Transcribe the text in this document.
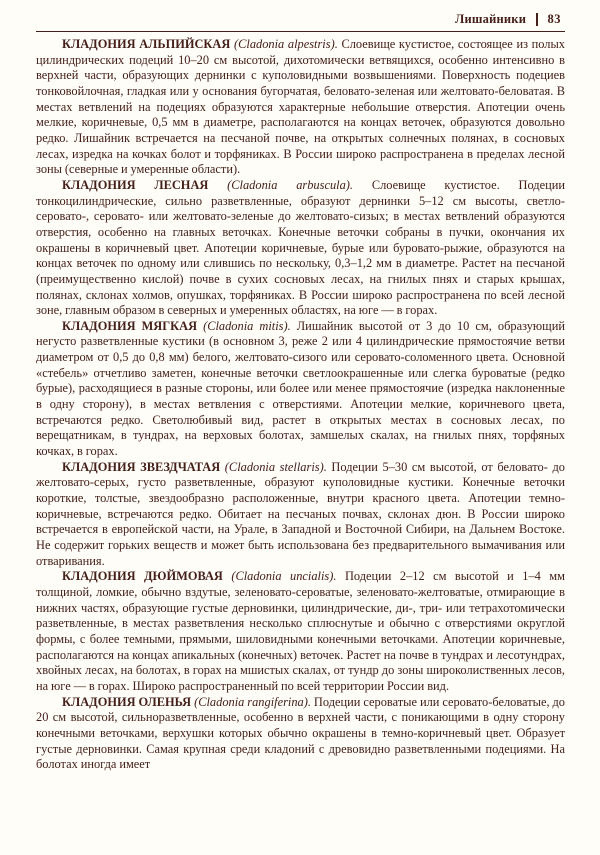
Лишайники 83

КЛАДОНИЯ АЛЬПИЙСКАЯ (Cladonia alpestris). Слоевище кустистое, состоящее из полых цилиндрических подеций 10–20 см высотой, дихотомически ветвящихся, особенно интенсивно в верхней части, образующих дернинки с куполовидными возвышениями. Поверхность подециев тонковойлочная, гладкая или у основания бугорчатая, беловато-зеленая или желтовато-беловатая. В местах ветвлений на подециях образуются характерные небольшие отверстия. Апотеции очень мелкие, коричневые, 0,5 мм в диаметре, располагаются на концах веточек, образуются довольно редко. Лишайник встречается на песчаной почве, на открытых солнечных полянах, в сосновых лесах, изредка на кочках болот и торфяниках. В России широко распространена в пределах лесной зоны (северные и умеренные области).

КЛАДОНИЯ ЛЕСНАЯ (Cladonia arbuscula). Слоевище кустистое. Подеции тонкоцилиндрические, сильно разветвленные, образуют дернинки 5–12 см высоты, светло-серовато-, серовато- или желтовато-зеленые до желтовато-сизых; в местах ветвлений образуются отверстия, особенно на главных веточках. Конечные веточки собраны в пучки, окончания их окрашены в коричневый цвет. Апотеции коричневые, бурые или буровато-рыжие, образуются на концах веточек по одному или слившись по нескольку, 0,3–1,2 мм в диаметре. Растет на песчаной (преимущественно кислой) почве в сухих сосновых лесах, на гнилых пнях и старых крышах, полянах, склонах холмов, опушках, торфяниках. В России широко распространена по всей лесной зоне, главным образом в северных и умеренных областях, на юге — в горах.

КЛАДОНИЯ МЯГКАЯ (Cladonia mitis). Лишайник высотой от 3 до 10 см, образующий негусто разветвленные кустики (в основном 3, реже 2 или 4 цилиндрические прямостоячие ветви диаметром от 0,5 до 0,8 мм) белого, желтовато-сизого или серовато-соломенного цвета. Основной «стебель» отчетливо заметен, конечные веточки светлоокрашенные или слегка буроватые (редко бурые), расходящиеся в разные стороны, или более или менее прямостоячие (изредка наклоненные в одну сторону), в местах ветвления с отверстиями. Апотеции мелкие, коричневого цвета, встречаются редко. Светолюбивый вид, растет в открытых местах в сосновых лесах, по верещатникам, в тундрах, на верховых болотах, замшелых скалах, на гнилых пнях, торфяных кочках, в горах.

КЛАДОНИЯ ЗВЕЗДЧАТАЯ (Cladonia stellaris). Подеции 5–30 см высотой, от беловато- до желтовато-серых, густо разветвленные, образуют куполовидные кустики. Конечные веточки короткие, толстые, звездообразно расположенные, внутри красного цвета. Апотеции темно-коричневые, встречаются редко. Обитает на песчаных почвах, склонах дюн. В России широко встречается в европейской части, на Урале, в Западной и Восточной Сибири, на Дальнем Востоке. Не содержит горьких веществ и может быть использована без предварительного вымачивания или отваривания.

КЛАДОНИЯ ДЮЙМОВАЯ (Cladonia uncialis). Подеции 2–12 см высотой и 1–4 мм толщиной, ломкие, обычно вздутые, зеленовато-сероватые, зеленовато-желтоватые, отмирающие в нижних частях, образующие густые дерновинки, цилиндрические, ди-, три- или тетрахотомически разветвленные, в местах разветвления несколько сплюснутые и обычно с отверстиями округлой формы, с более темными, прямыми, шиловидными конечными веточками. Апотеции коричневые, располагаются на концах апикальных (конечных) веточек. Растет на почве в тундрах и лесотундрах, хвойных лесах, на болотах, в горах на мшистых скалах, от тундр до зоны широколиственных лесов, на юге — в горах. Широко распространенный по всей территории России вид.

КЛАДОНИЯ ОЛЕНЬЯ (Cladonia rangiferina). Подеции сероватые или серовато-беловатые, до 20 см высотой, сильноразветвленные, особенно в верхней части, с поникающими в одну сторону конечными веточками, верхушки которых обычно окрашены в темно-коричневый цвет. Образует густые дерновинки. Самая крупная среди кладоний с древовидно разветвленными подециями. На болотах иногда имеет
